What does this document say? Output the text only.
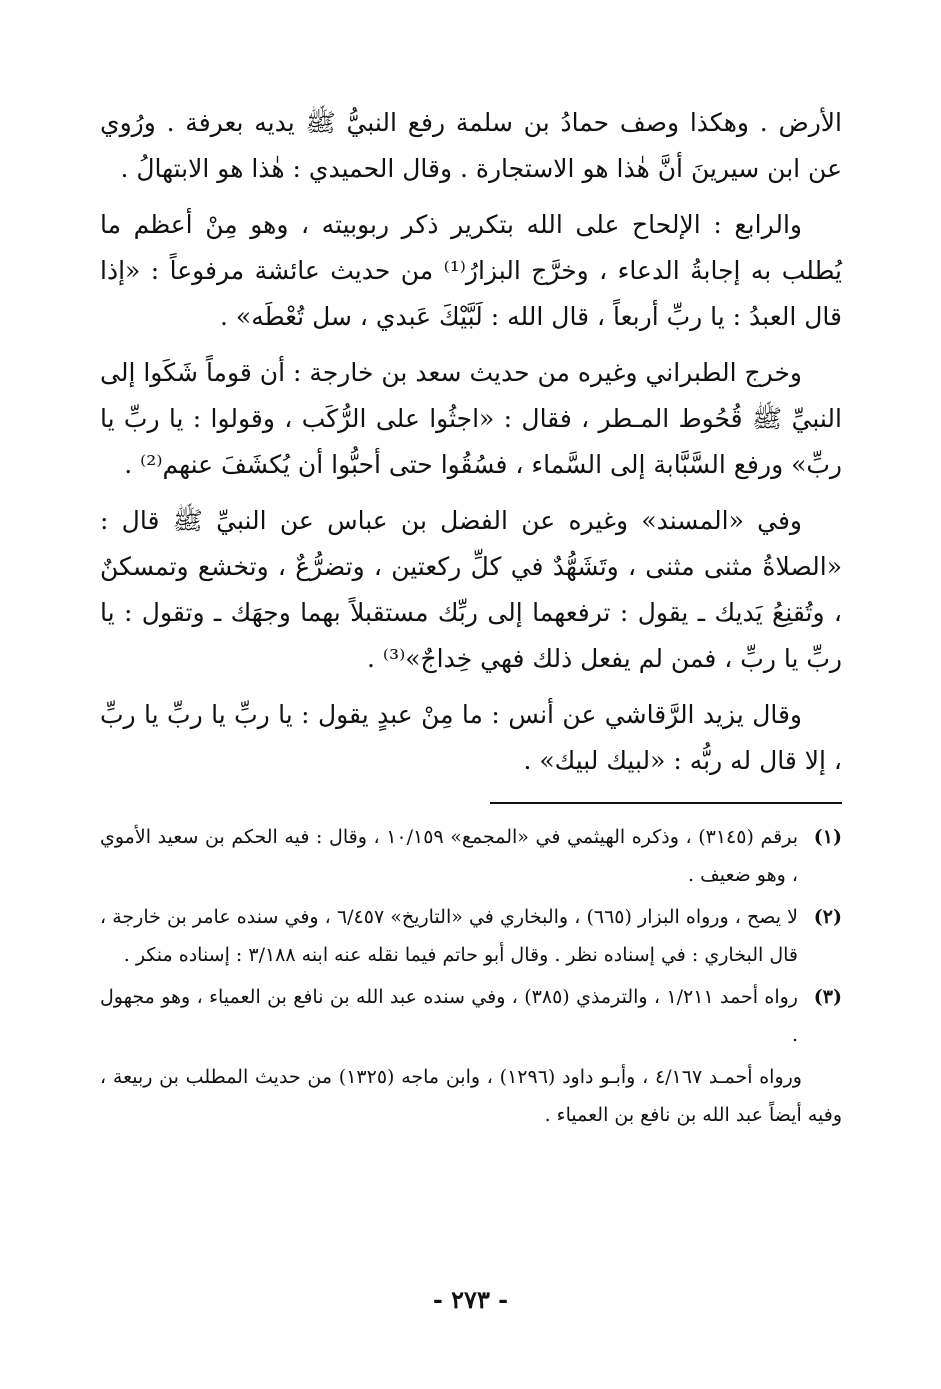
الأرض . وهكذا وصف حمادُ بن سلمة رفع النبيُّ ﷺ يديه بعرفة . ورُوي عن ابن سيرينَ أنَّ هٰذا هو الاستجارة . وقال الحميدي : هٰذا هو الابتهالُ .

والرابع : الإلحاح على الله بتكرير ذكر ربوبيته ، وهو مِنْ أعظم ما يُطلب به إجابةُ الدعاء ، وخرَّج البزارُ⁽¹⁾ من حديث عائشة مرفوعاً : «إذا قال العبدُ : يا ربِّ أربعاً ، قال الله : لَبَّيْكَ عَبدي ، سل تُعْطَه» .

وخرج الطبراني وغيره من حديث سعد بن خارجة : أن قوماً شَكَوا إلى النبيِّ ﷺ قُحُوط المـطر ، فقال : «اجثُوا على الرُّكَب ، وقولوا : يا ربِّ يا ربِّ» ورفع السَّبَّابة إلى السَّماء ، فسُقُوا حتى أحبُّوا أن يُكشَفَ عنهم⁽²⁾ .

وفي «المسند» وغيره عن الفضل بن عباس عن النبيِّ ﷺ قال : «الصلاةُ مثنى مثنى ، وتَشَهُّدٌ في كلِّ ركعتين ، وتضرُّعٌ ، وتخشع وتمسكنٌ ، وتُقنِعُ يَديك ـ يقول : ترفعهما إلى ربِّك مستقبلاً بهما وجهَك ـ وتقول : يا ربِّ يا ربِّ ، فمن لم يفعل ذلك فهي خِداجٌ»⁽³⁾ .

وقال يزيد الرَّقاشي عن أنس : ما مِنْ عبدٍ يقول : يا ربِّ يا ربِّ يا ربِّ ، إلا قال له ربُّه : «لبيك لبيك» .

(١)
برقم (٣١٤٥) ، وذكره الهيثمي في «المجمع» ١٠/١٥٩ ، وقال : فيه الحكم بن سعيد الأموي ، وهو ضعيف .
(٢)
لا يصح ، ورواه البزار (٦٦٥) ، والبخاري في «التاريخ» ٦/٤٥٧ ، وفي سنده عامر بن خارجة ، قال البخاري : في إسناده نظر . وقال أبو حاتم فيما نقله عنه ابنه ٣/١٨٨ : إسناده منكر .
(٣)
رواه أحمد ١/٢١١ ، والترمذي (٣٨٥) ، وفي سنده عبد الله بن نافع بن العمياء ، وهو مجهول .

ورواه أحمـد ٤/١٦٧ ، وأبـو داود (١٢٩٦) ، وابن ماجه (١٣٢٥) من حديث المطلب بن ربيعة ، وفيه أيضاً عبد الله بن نافع بن العمياء .

- ٢٧٣ -
